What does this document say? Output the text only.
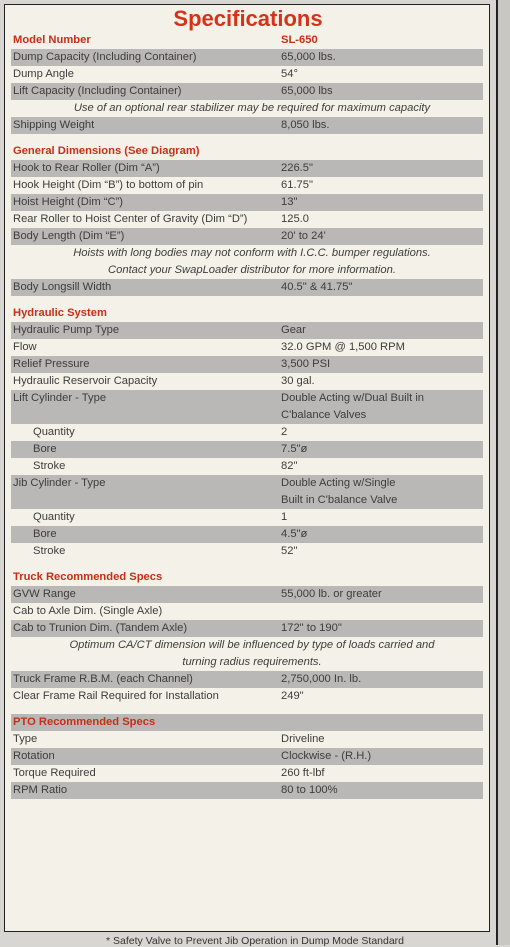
Specifications
Model Number	SL-650
Dump Capacity (Including Container)	65,000 lbs.
Dump Angle	54°
Lift Capacity (Including Container)	65,000 lbs
Use of an optional rear stabilizer may be required for maximum capacity
Shipping Weight	8,050 lbs.
General Dimensions (See Diagram)
Hook to Rear Roller (Dim “A”)	226.5"
Hook Height (Dim “B”) to bottom of pin	61.75"
Hoist Height (Dim “C”)	13"
Rear Roller to Hoist Center of Gravity (Dim “D”)	125.0
Body Length (Dim “E”)	20' to 24'
Hoists with long bodies may not conform with I.C.C. bumper regulations.
Contact your SwapLoader distributor for more information.
Body Longsill Width	40.5" & 41.75"
Hydraulic System
Hydraulic Pump Type	Gear
Flow	32.0 GPM @ 1,500 RPM
Relief Pressure	3,500 PSI
Hydraulic Reservoir Capacity	30 gal.
Lift Cylinder - Type	Double Acting w/Dual Built in
C'balance Valves
Quantity	2
Bore	7.5"ø
Stroke	82"
Jib Cylinder - Type	Double Acting w/Single
Built in C'balance Valve
Quantity	1
Bore	4.5"ø
Stroke	52"
Truck Recommended Specs
GVW Range	55,000 lb. or greater
Cab to Axle Dim. (Single Axle)
Cab to Trunion Dim. (Tandem Axle)	172" to 190"
Optimum CA/CT dimension will be influenced by type of loads carried and
turning radius requirements.
Truck Frame R.B.M. (each Channel)	2,750,000 In. lb.
Clear Frame Rail Required for Installation	249"
PTO Recommended Specs
Type	Driveline
Rotation	Clockwise - (R.H.)
Torque Required	260 ft-lbf
RPM Ratio	80 to 100%
* Safety Valve to Prevent Jib Operation in Dump Mode Standard
